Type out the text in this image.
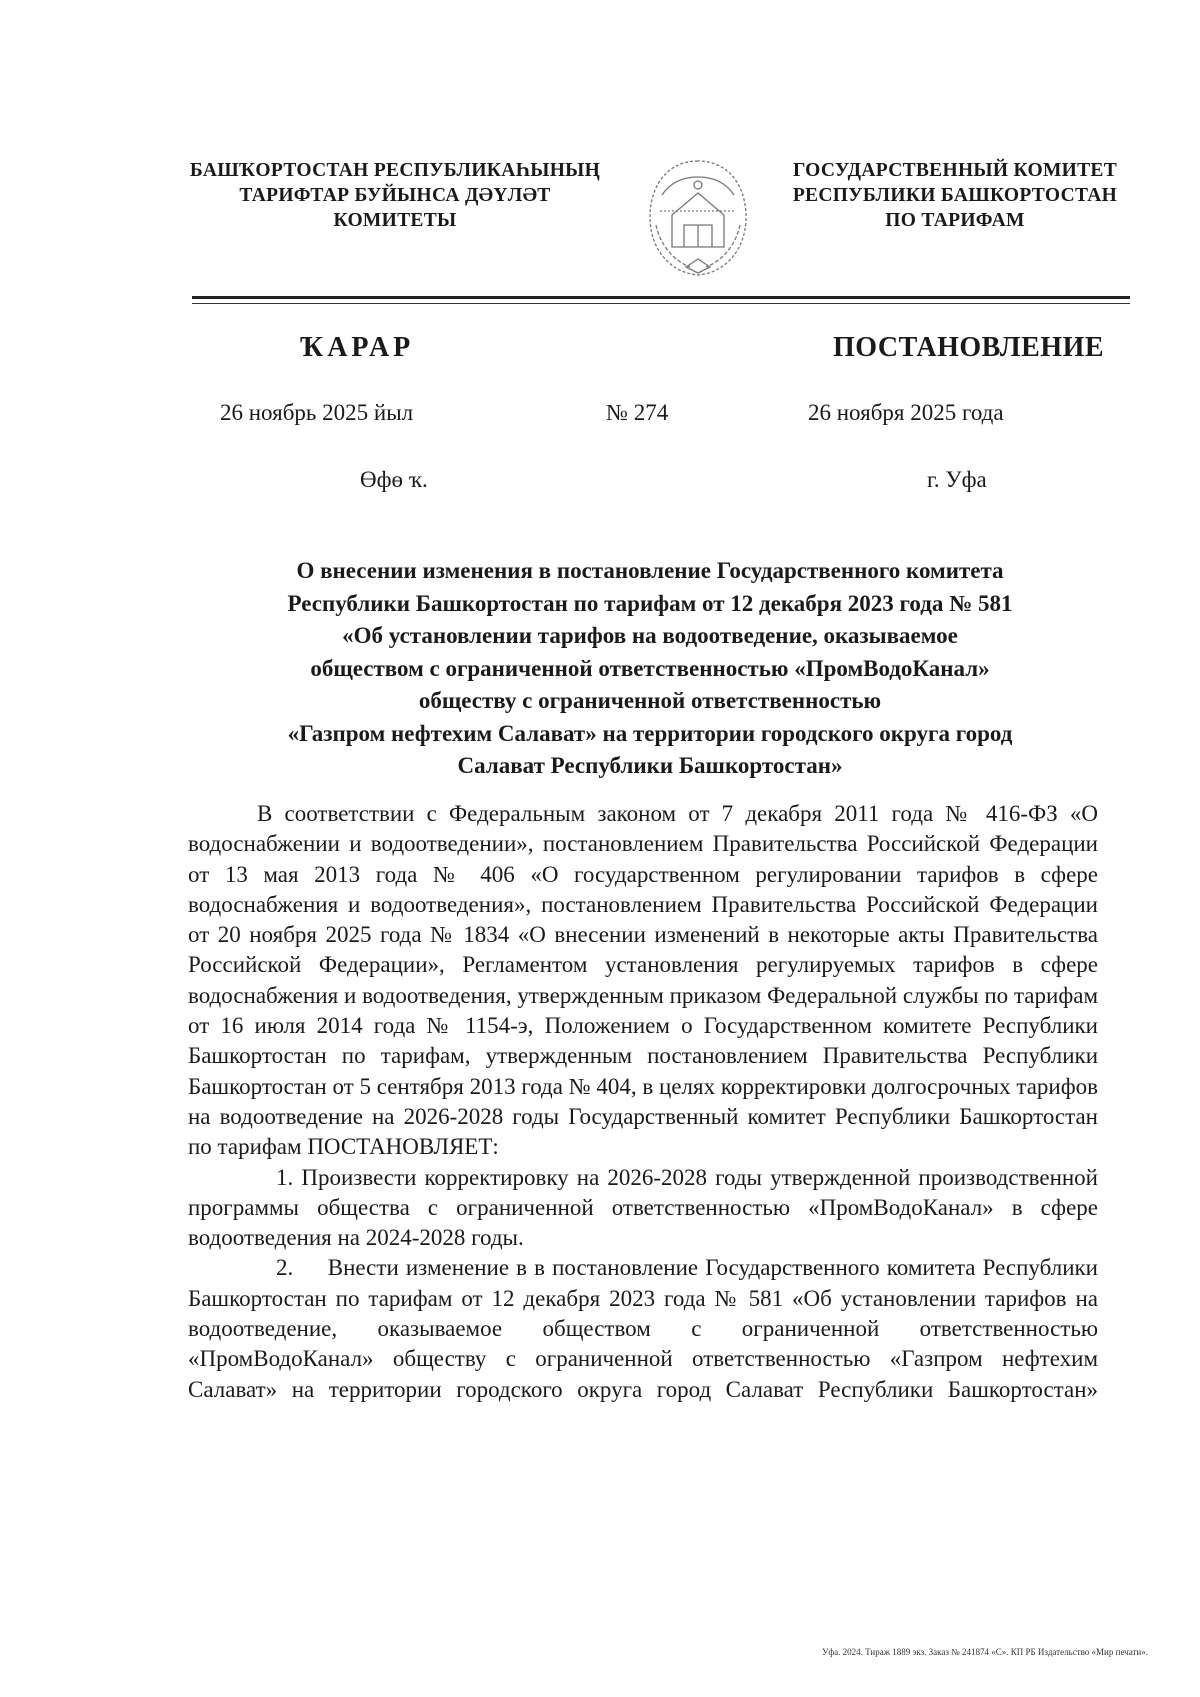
БАШҠОРТОСТАН РЕСПУБЛИКАҺЫНЫҢ
ТАРИФТАР БУЙЫНСА ДӘҮЛӘТ
КОМИТЕТЫ
ГОСУДАРСТВЕННЫЙ КОМИТЕТ
РЕСПУБЛИКИ БАШКОРТОСТАН
ПО ТАРИФАМ
ҠАРАР	ПОСТАНОВЛЕНИЕ
26 ноябрь 2025 йыл	№ 274	26 ноября 2025 года
Өфө ҡ.	г. Уфа
О внесении изменения в постановление Государственного комитета
Республики Башкортостан по тарифам от 12 декабря 2023 года № 581
«Об установлении тарифов на водоотведение, оказываемое
обществом с ограниченной ответственностью «ПромВодоКанал»
обществу с ограниченной ответственностью
«Газпром нефтехим Салават» на территории городского округа город
Салават Республики Башкортостан»

В соответствии с Федеральным законом от 7 декабря 2011 года № 416-ФЗ «О водоснабжении и водоотведении», постановлением Правительства Российской Федерации от 13 мая 2013 года № 406 «О государственном регулировании тарифов в сфере водоснабжения и водоотведения», постановлением Правительства Российской Федерации от 20 ноября 2025 года № 1834 «О внесении изменений в некоторые акты Правительства Российской Федерации», Регламентом установления регулируемых тарифов в сфере водоснабжения и водоотведения, утвержденным приказом Федеральной службы по тарифам от 16 июля 2014 года № 1154-э, Положением о Государственном комитете Республики Башкортостан по тарифам, утвержденным постановлением Правительства Республики Башкортостан от 5 сентября 2013 года № 404, в целях корректировки долгосрочных тарифов на водоотведение на 2026-2028 годы Государственный комитет Республики Башкортостан по тарифам ПОСТАНОВЛЯЕТ:

1. Произвести корректировку на 2026-2028 годы утвержденной производственной программы общества с ограниченной ответственностью «ПромВодоКанал» в сфере водоотведения на 2024-2028 годы.

2.  Внести изменение в в постановление Государственного комитета Республики Башкортостан по тарифам от 12 декабря 2023 года № 581 «Об установлении тарифов на водоотведение, оказываемое обществом с ограниченной ответственностью «ПромВодоКанал» обществу с ограниченной ответственностью «Газпром нефтехим Салават» на территории городского округа город Салават Республики Башкортостан»

Уфа. 2024. Тираж 1889 экз. Заказ № 241874 «С». КП РБ Издательство «Мир печати».
